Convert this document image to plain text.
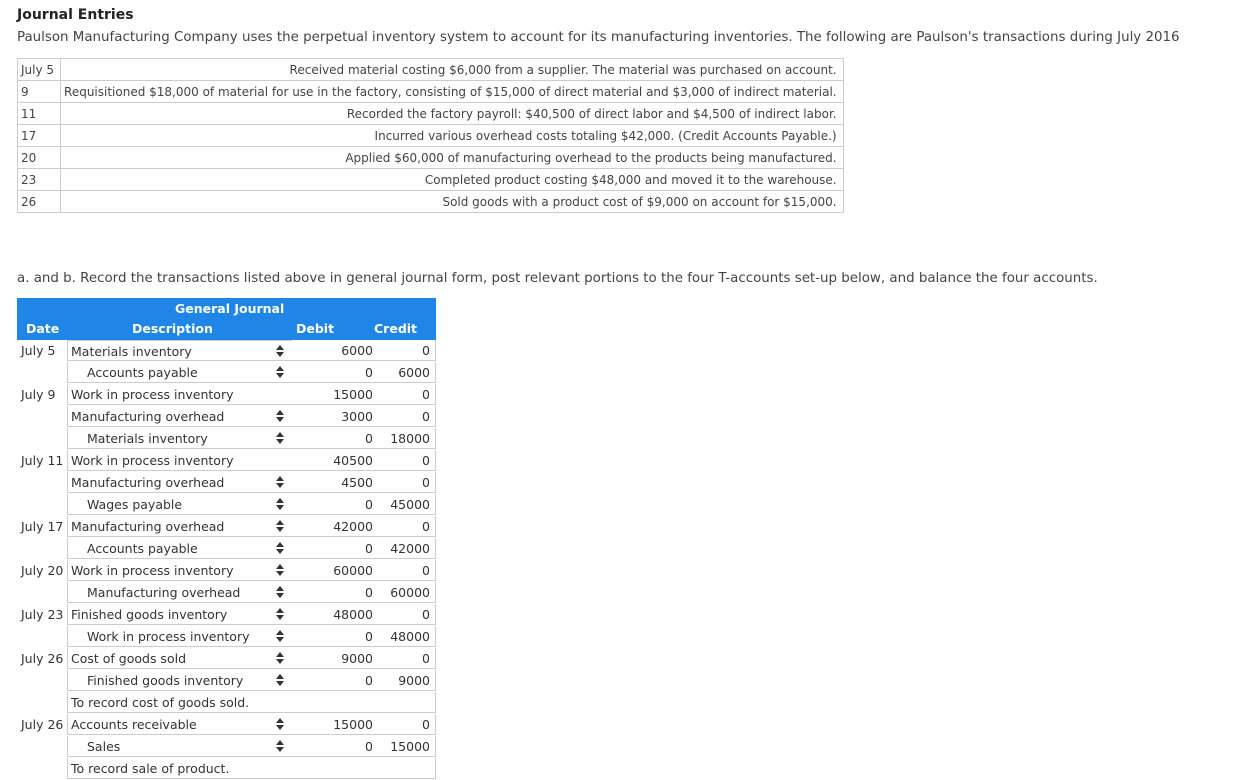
Journal Entries
Paulson Manufacturing Company uses the perpetual inventory system to account for its manufacturing inventories. The following are Paulson's transactions during July 2016
July 5	Received material costing $6,000 from a supplier. The material was purchased on account.
9	Requisitioned $18,000 of material for use in the factory, consisting of $15,000 of direct material and $3,000 of indirect material.
11	Recorded the factory payroll: $40,500 of direct labor and $4,500 of indirect labor.
17	Incurred various overhead costs totaling $42,000. (Credit Accounts Payable.)
20	Applied $60,000 of manufacturing overhead to the products being manufactured.
23	Completed product costing $48,000 and moved it to the warehouse.
26	Sold goods with a product cost of $9,000 on account for $15,000.
a. and b. Record the transactions listed above in general journal form, post relevant portions to the four T-accounts set-up below, and balance the four accounts.
General Journal
Date	Description	Debit	Credit
July 5	Materials inventory	6000	0
Accounts payable	0	6000
July 9	Work in process inventory	15000	0
Manufacturing overhead	3000	0
Materials inventory	0	18000
July 11 Work in process inventory	40500	0
Manufacturing overhead	4500	0
Wages payable	0	45000
July 17 Manufacturing overhead	42000	0
Accounts payable	0	42000
July 20 Work in process inventory	60000	0
Manufacturing overhead	0	60000
July 23 Finished goods inventory	48000	0
Work in process inventory	0	48000
July 26 Cost of goods sold	9000	0
Finished goods inventory	0	9000
To record cost of goods sold.
July 26 Accounts receivable	15000	0
Sales	0	15000
To record sale of product.
